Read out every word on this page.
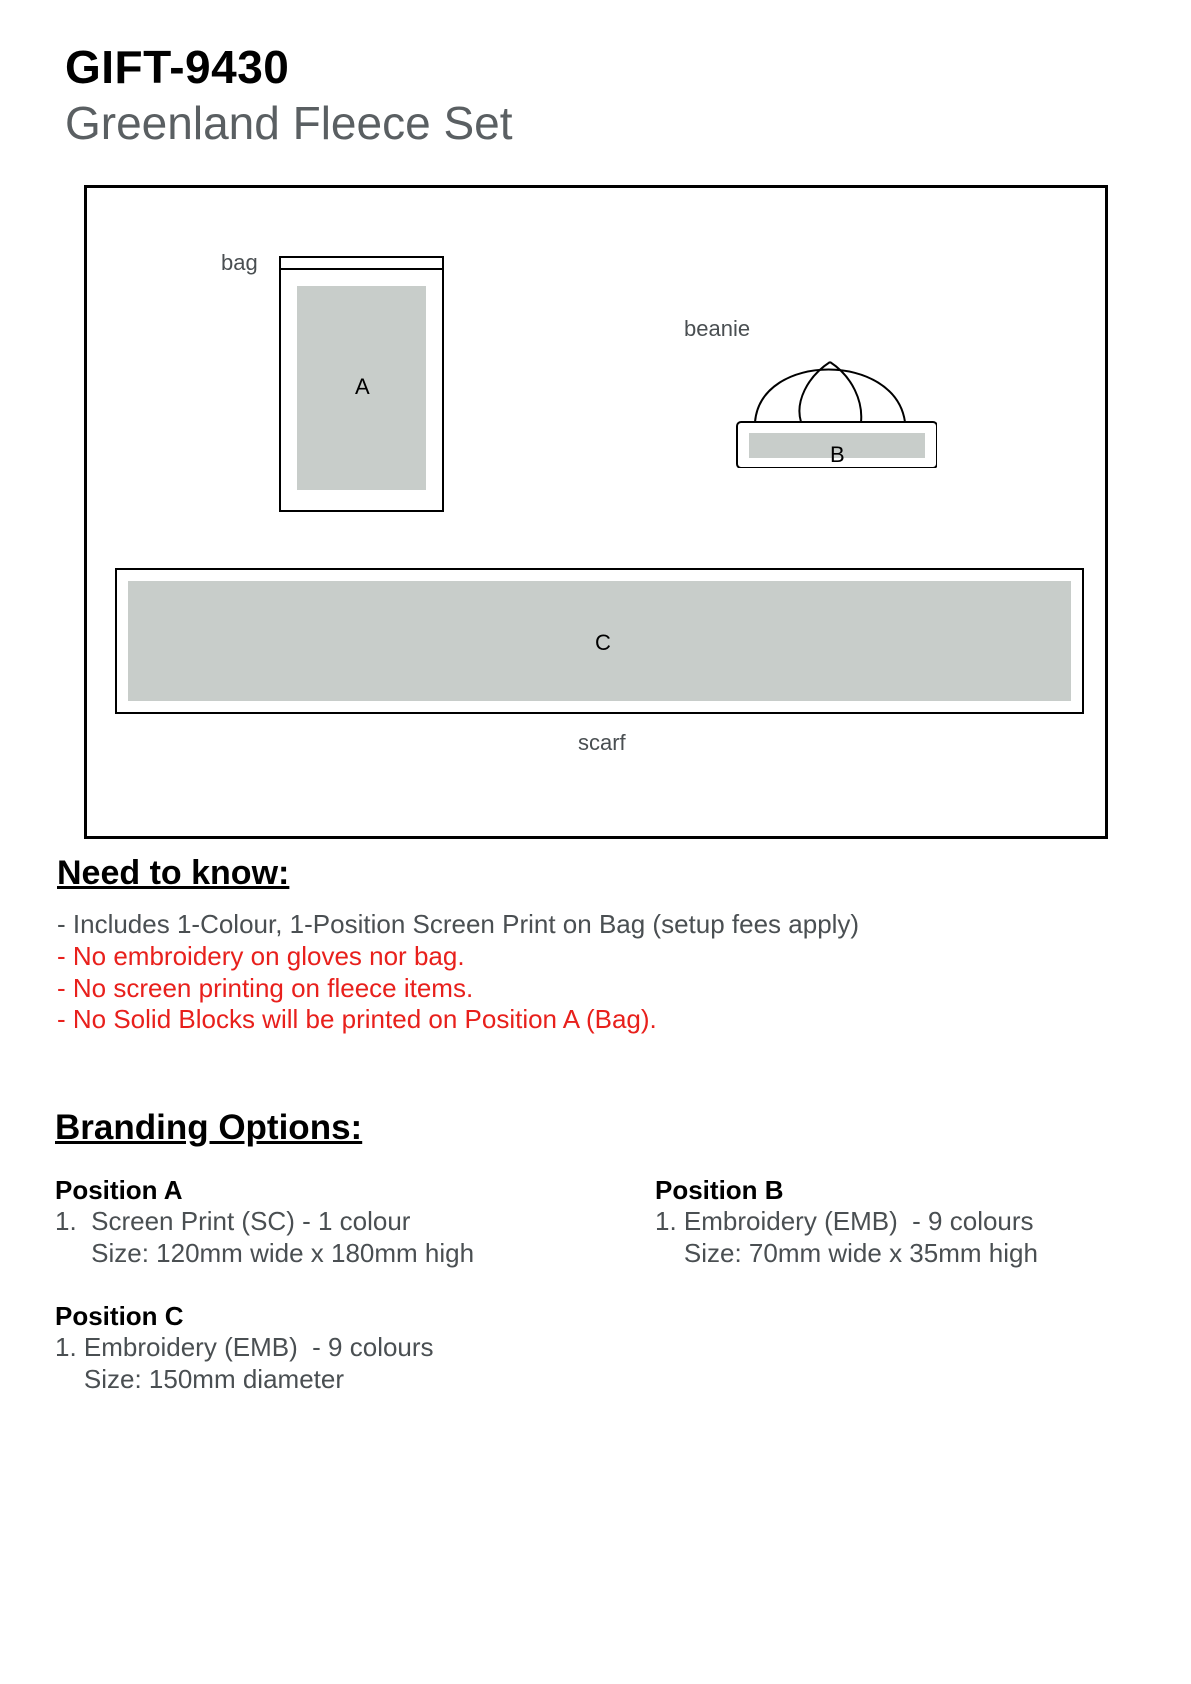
GIFT-9430
Greenland Fleece Set
bag
A
beanie
B
C
scarf
Need to know:
- Includes 1-Colour, 1-Position Screen Print on Bag (setup fees apply)
- No embroidery on gloves nor bag.
- No screen printing on fleece items.
- No Solid Blocks will be printed on Position A (Bag).
Branding Options:
Position A
1.  Screen Print (SC) - 1 colour
Size: 120mm wide x 180mm high
Position B
1. Embroidery (EMB)  - 9 colours
Size: 70mm wide x 35mm high
Position C
1. Embroidery (EMB)  - 9 colours
Size: 150mm diameter
